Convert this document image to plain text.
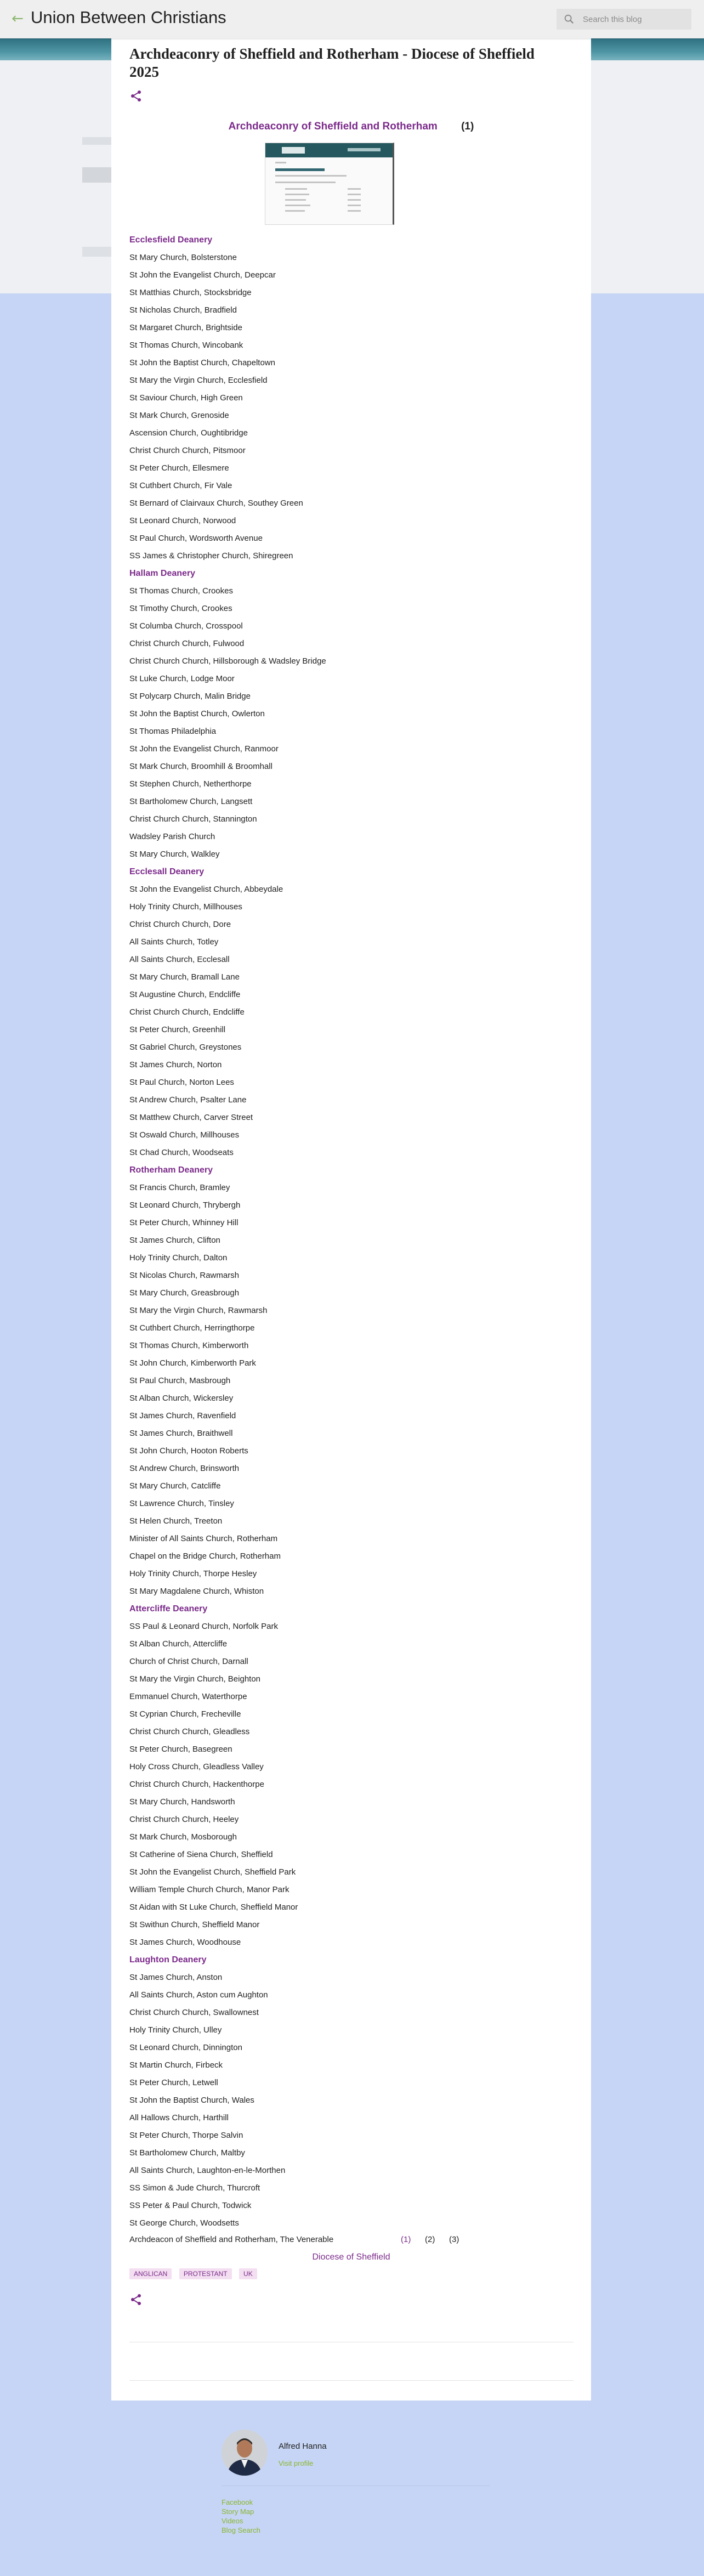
← Union Between Christians	Search this blog
Archdeaconry of Sheffield and Rotherham - Diocese of Sheffield 2025
Archdeaconry of Sheffield and Rotherham (1)
Ecclesfield Deanery
St Mary Church, Bolsterstone
St John the Evangelist Church, Deepcar
St Matthias Church, Stocksbridge
St Nicholas Church, Bradfield
St Margaret Church, Brightside
St Thomas Church, Wincobank
St John the Baptist Church, Chapeltown
St Mary the Virgin Church, Ecclesfield
St Saviour Church, High Green
St Mark Church, Grenoside
Ascension Church, Oughtibridge
Christ Church Church, Pitsmoor
St Peter Church, Ellesmere
St Cuthbert Church, Fir Vale
St Bernard of Clairvaux Church, Southey Green
St Leonard Church, Norwood
St Paul Church, Wordsworth Avenue
SS James & Christopher Church, Shiregreen
Hallam Deanery
St Thomas Church, Crookes
St Timothy Church, Crookes
St Columba Church, Crosspool
Christ Church Church, Fulwood
Christ Church Church, Hillsborough & Wadsley Bridge
St Luke Church, Lodge Moor
St Polycarp Church, Malin Bridge
St John the Baptist Church, Owlerton
St Thomas Philadelphia
St John the Evangelist Church, Ranmoor
St Mark Church, Broomhill & Broomhall
St Stephen Church, Netherthorpe
St Bartholomew Church, Langsett
Christ Church Church, Stannington
Wadsley Parish Church
St Mary Church, Walkley
Ecclesall Deanery
St John the Evangelist Church, Abbeydale
Holy Trinity Church, Millhouses
Christ Church Church, Dore
All Saints Church, Totley
All Saints Church, Ecclesall
St Mary Church, Bramall Lane
St Augustine Church, Endcliffe
Christ Church Church, Endcliffe
St Peter Church, Greenhill
St Gabriel Church, Greystones
St James Church, Norton
St Paul Church, Norton Lees
St Andrew Church, Psalter Lane
St Matthew Church, Carver Street
St Oswald Church, Millhouses
St Chad Church, Woodseats
Rotherham Deanery
St Francis Church, Bramley
St Leonard Church, Thrybergh
St Peter Church, Whinney Hill
St James Church, Clifton
Holy Trinity Church, Dalton
St Nicolas Church, Rawmarsh
St Mary Church, Greasbrough
St Mary the Virgin Church, Rawmarsh
St Cuthbert Church, Herringthorpe
St Thomas Church, Kimberworth
St John Church, Kimberworth Park
St Paul Church, Masbrough
St Alban Church, Wickersley
St James Church, Ravenfield
St James Church, Braithwell
St John Church, Hooton Roberts
St Andrew Church, Brinsworth
St Mary Church, Catcliffe
St Lawrence Church, Tinsley
St Helen Church, Treeton
Minister of All Saints Church, Rotherham
Chapel on the Bridge Church, Rotherham
Holy Trinity Church, Thorpe Hesley
St Mary Magdalene Church, Whiston
Attercliffe Deanery
SS Paul & Leonard Church, Norfolk Park
St Alban Church, Attercliffe
Church of Christ Church, Darnall
St Mary the Virgin Church, Beighton
Emmanuel Church, Waterthorpe
St Cyprian Church, Frecheville
Christ Church Church, Gleadless
St Peter Church, Basegreen
Holy Cross Church, Gleadless Valley
Christ Church Church, Hackenthorpe
St Mary Church, Handsworth
Christ Church Church, Heeley
St Mark Church, Mosborough
St Catherine of Siena Church, Sheffield
St John the Evangelist Church, Sheffield Park
William Temple Church Church, Manor Park
St Aidan with St Luke Church, Sheffield Manor
St Swithun Church, Sheffield Manor
St James Church, Woodhouse
Laughton Deanery
St James Church, Anston
All Saints Church, Aston cum Aughton
Christ Church Church, Swallownest
Holy Trinity Church, Ulley
St Leonard Church, Dinnington
St Martin Church, Firbeck
St Peter Church, Letwell
St John the Baptist Church, Wales
All Hallows Church, Harthill
St Peter Church, Thorpe Salvin
St Bartholomew Church, Maltby
All Saints Church, Laughton-en-le-Morthen
SS Simon & Jude Church, Thurcroft
SS Peter & Paul Church, Todwick
St George Church, Woodsetts
Archdeacon of Sheffield and Rotherham, The Venerable	(1) (2) (3)
Diocese of Sheffield
ANGLICAN PROTESTANT UK
Alfred Hanna
Visit profile
Facebook
Story Map
Videos
Blog Search
